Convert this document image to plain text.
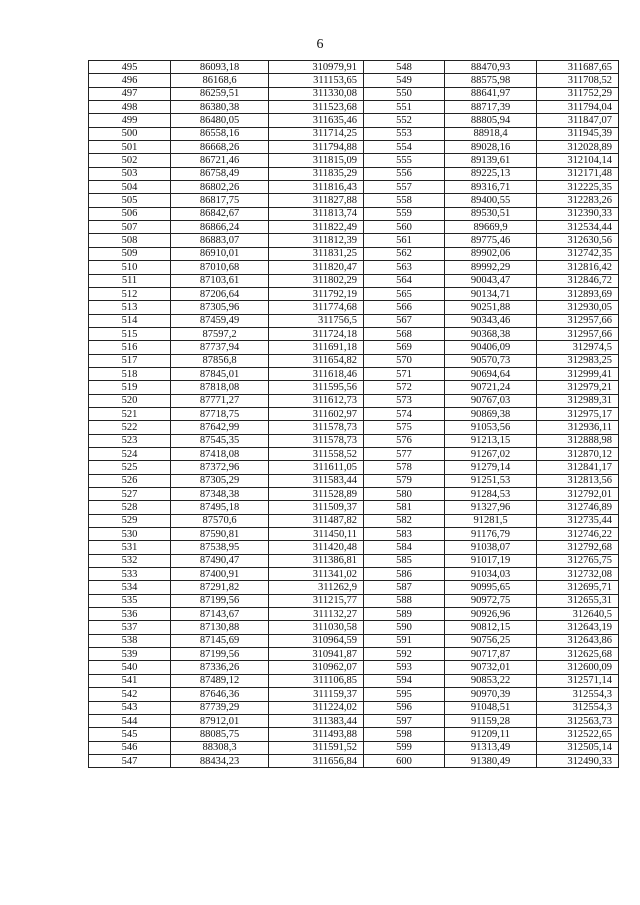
6
495	86093,18	310979,91	548	88470,93	311687,65
496	86168,6	311153,65	549	88575,98	311708,52
497	86259,51	311330,08	550	88641,97	311752,29
498	86380,38	311523,68	551	88717,39	311794,04
499	86480,05	311635,46	552	88805,94	311847,07
500	86558,16	311714,25	553	88918,4	311945,39
501	86668,26	311794,88	554	89028,16	312028,89
502	86721,46	311815,09	555	89139,61	312104,14
503	86758,49	311835,29	556	89225,13	312171,48
504	86802,26	311816,43	557	89316,71	312225,35
505	86817,75	311827,88	558	89400,55	312283,26
506	86842,67	311813,74	559	89530,51	312390,33
507	86866,24	311822,49	560	89669,9	312534,44
508	86883,07	311812,39	561	89775,46	312630,56
509	86910,01	311831,25	562	89902,06	312742,35
510	87010,68	311820,47	563	89992,29	312816,42
511	87103,61	311802,29	564	90043,47	312846,72
512	87206,64	311792,19	565	90134,71	312893,69
513	87305,96	311774,68	566	90251,88	312930,05
514	87459,49	311756,5	567	90343,46	312957,66
515	87597,2	311724,18	568	90368,38	312957,66
516	87737,94	311691,18	569	90406,09	312974,5
517	87856,8	311654,82	570	90570,73	312983,25
518	87845,01	311618,46	571	90694,64	312999,41
519	87818,08	311595,56	572	90721,24	312979,21
520	87771,27	311612,73	573	90767,03	312989,31
521	87718,75	311602,97	574	90869,38	312975,17
522	87642,99	311578,73	575	91053,56	312936,11
523	87545,35	311578,73	576	91213,15	312888,98
524	87418,08	311558,52	577	91267,02	312870,12
525	87372,96	311611,05	578	91279,14	312841,17
526	87305,29	311583,44	579	91251,53	312813,56
527	87348,38	311528,89	580	91284,53	312792,01
528	87495,18	311509,37	581	91327,96	312746,89
529	87570,6	311487,82	582	91281,5	312735,44
530	87590,81	311450,11	583	91176,79	312746,22
531	87538,95	311420,48	584	91038,07	312792,68
532	87490,47	311386,81	585	91017,19	312765,75
533	87400,91	311341,02	586	91034,03	312732,08
534	87291,82	311262,9	587	90995,65	312695,71
535	87199,56	311215,77	588	90972,75	312655,31
536	87143,67	311132,27	589	90926,96	312640,5
537	87130,88	311030,58	590	90812,15	312643,19
538	87145,69	310964,59	591	90756,25	312643,86
539	87199,56	310941,87	592	90717,87	312625,68
540	87336,26	310962,07	593	90732,01	312600,09
541	87489,12	311106,85	594	90853,22	312571,14
542	87646,36	311159,37	595	90970,39	312554,3
543	87739,29	311224,02	596	91048,51	312554,3
544	87912,01	311383,44	597	91159,28	312563,73
545	88085,75	311493,88	598	91209,11	312522,65
546	88308,3	311591,52	599	91313,49	312505,14
547	88434,23	311656,84	600	91380,49	312490,33
